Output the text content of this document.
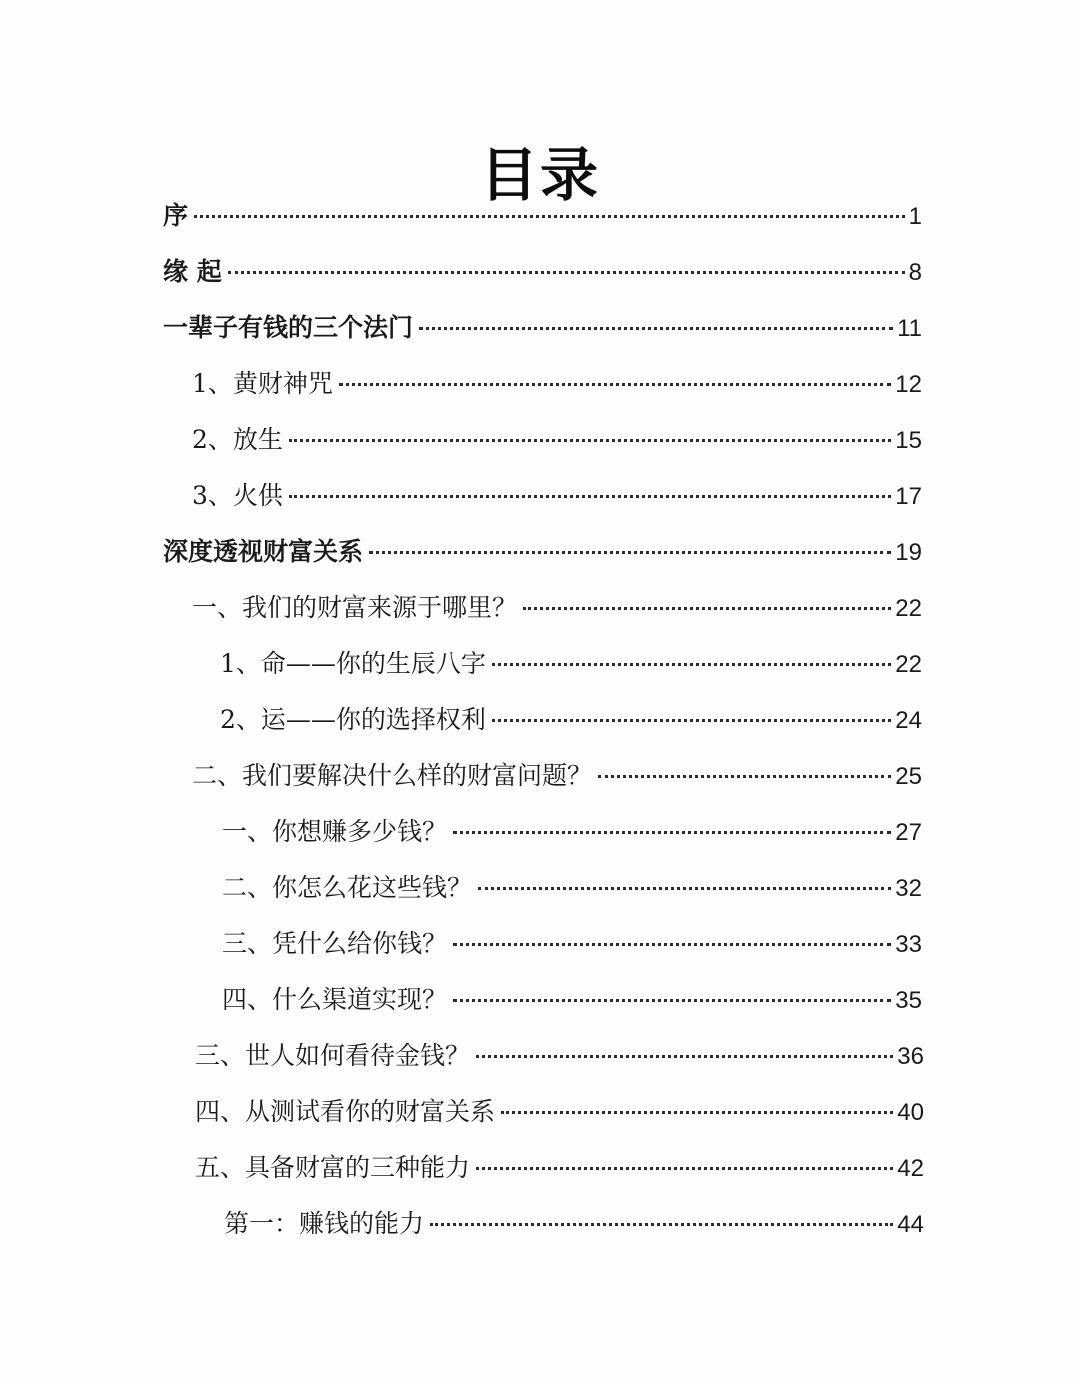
目录
序	1
缘 起	8
一辈子有钱的三个法门	11
1、黄财神咒	12
2、放生	15
3、火供	17
深度透视财富关系	19
一、我们的财富来源于哪里？	22
1、命——你的生辰八字	22
2、运——你的选择权利	24
二、我们要解决什么样的财富问题？	25
一、你想赚多少钱？	27
二、你怎么花这些钱？	32
三、凭什么给你钱？	33
四、什么渠道实现？	35
三、世人如何看待金钱？	36
四、从测试看你的财富关系	40
五、具备财富的三种能力	42
第一：赚钱的能力	44
